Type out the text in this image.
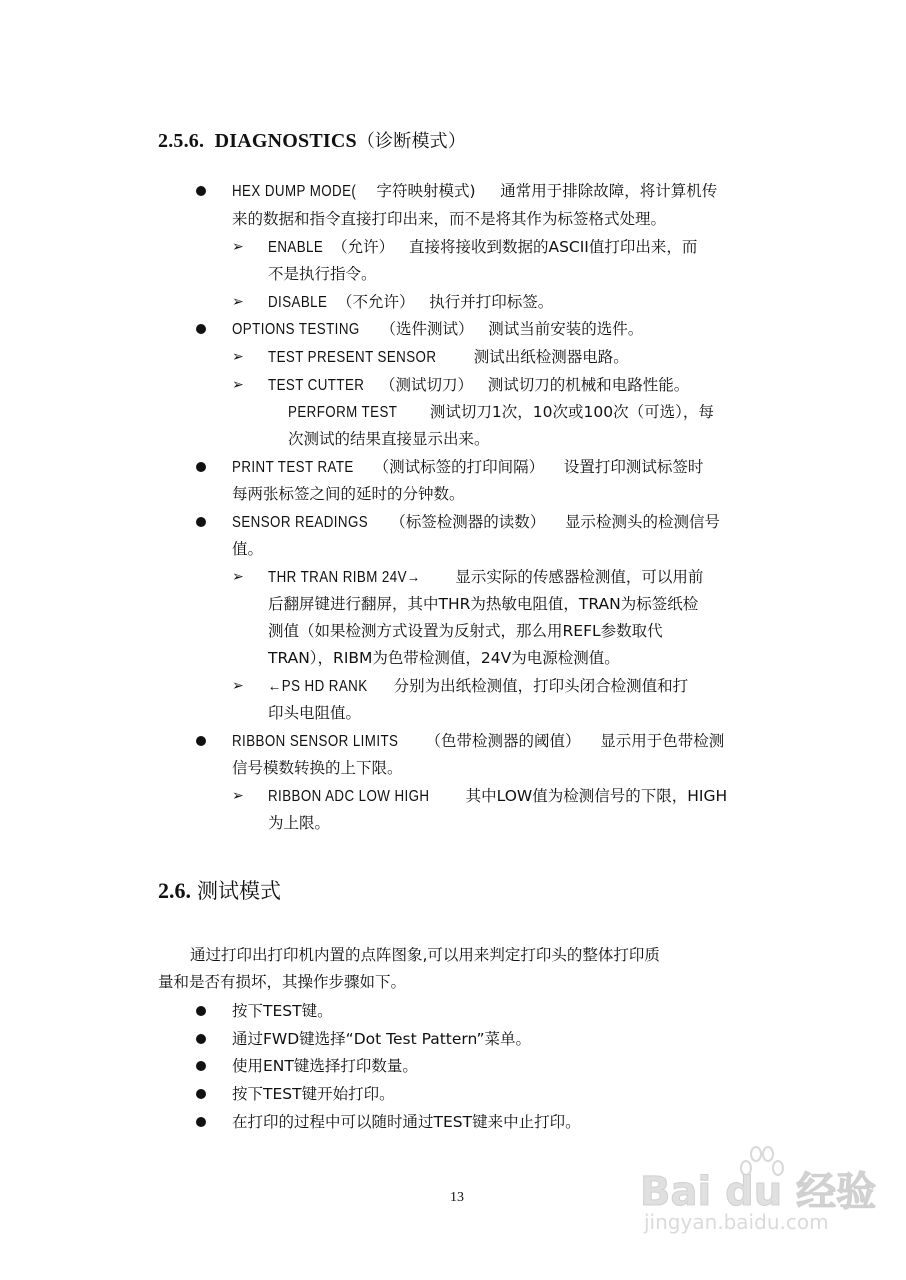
2.5.6. DIAGNOSTICS（诊断模式）
HEX DUMP MODE( 字符映射模式) 通常用于排除故障，将计算机传
来的数据和指令直接打印出来，而不是将其作为标签格式处理。
➢ ENABLE （允许） 直接将接收到数据的ASCII值打印出来，而
不是执行指令。
➢ DISABLE （不允许） 执行并打印标签。
OPTIONS TESTING （选件测试） 测试当前安装的选件。
➢ TEST PRESENT SENSOR 测试出纸检测器电路。
➢ TEST CUTTER （测试切刀） 测试切刀的机械和电路性能。
PERFORM TEST 测试切刀1次，10次或100次（可选），每
次测试的结果直接显示出来。
PRINT TEST RATE （测试标签的打印间隔） 设置打印测试标签时
每两张标签之间的延时的分钟数。
SENSOR READINGS （标签检测器的读数） 显示检测头的检测信号
值。
➢ THR TRAN RIBM 24V→ 显示实际的传感器检测值，可以用前
后翻屏键进行翻屏，其中THR为热敏电阻值，TRAN为标签纸检
测值（如果检测方式设置为反射式，那么用REFL参数取代
TRAN），RIBM为色带检测值，24V为电源检测值。
➢ ←PS HD RANK 分别为出纸检测值，打印头闭合检测值和打
印头电阻值。
RIBBON SENSOR LIMITS （色带检测器的阈值） 显示用于色带检测
信号模数转换的上下限。
➢ RIBBON ADC LOW HIGH 其中LOW值为检测信号的下限，HIGH
为上限。
2.6. 测试模式
通过打印出打印机内置的点阵图象,可以用来判定打印头的整体打印质
量和是否有损坏，其操作步骤如下。
按下TEST键。
通过FWD键选择“Dot Test Pattern”菜单。
使用ENT键选择打印数量。
按下TEST键开始打印。
在打印的过程中可以随时通过TEST键来中止打印。
13	Bai du 经验
jingyan.baidu.com
